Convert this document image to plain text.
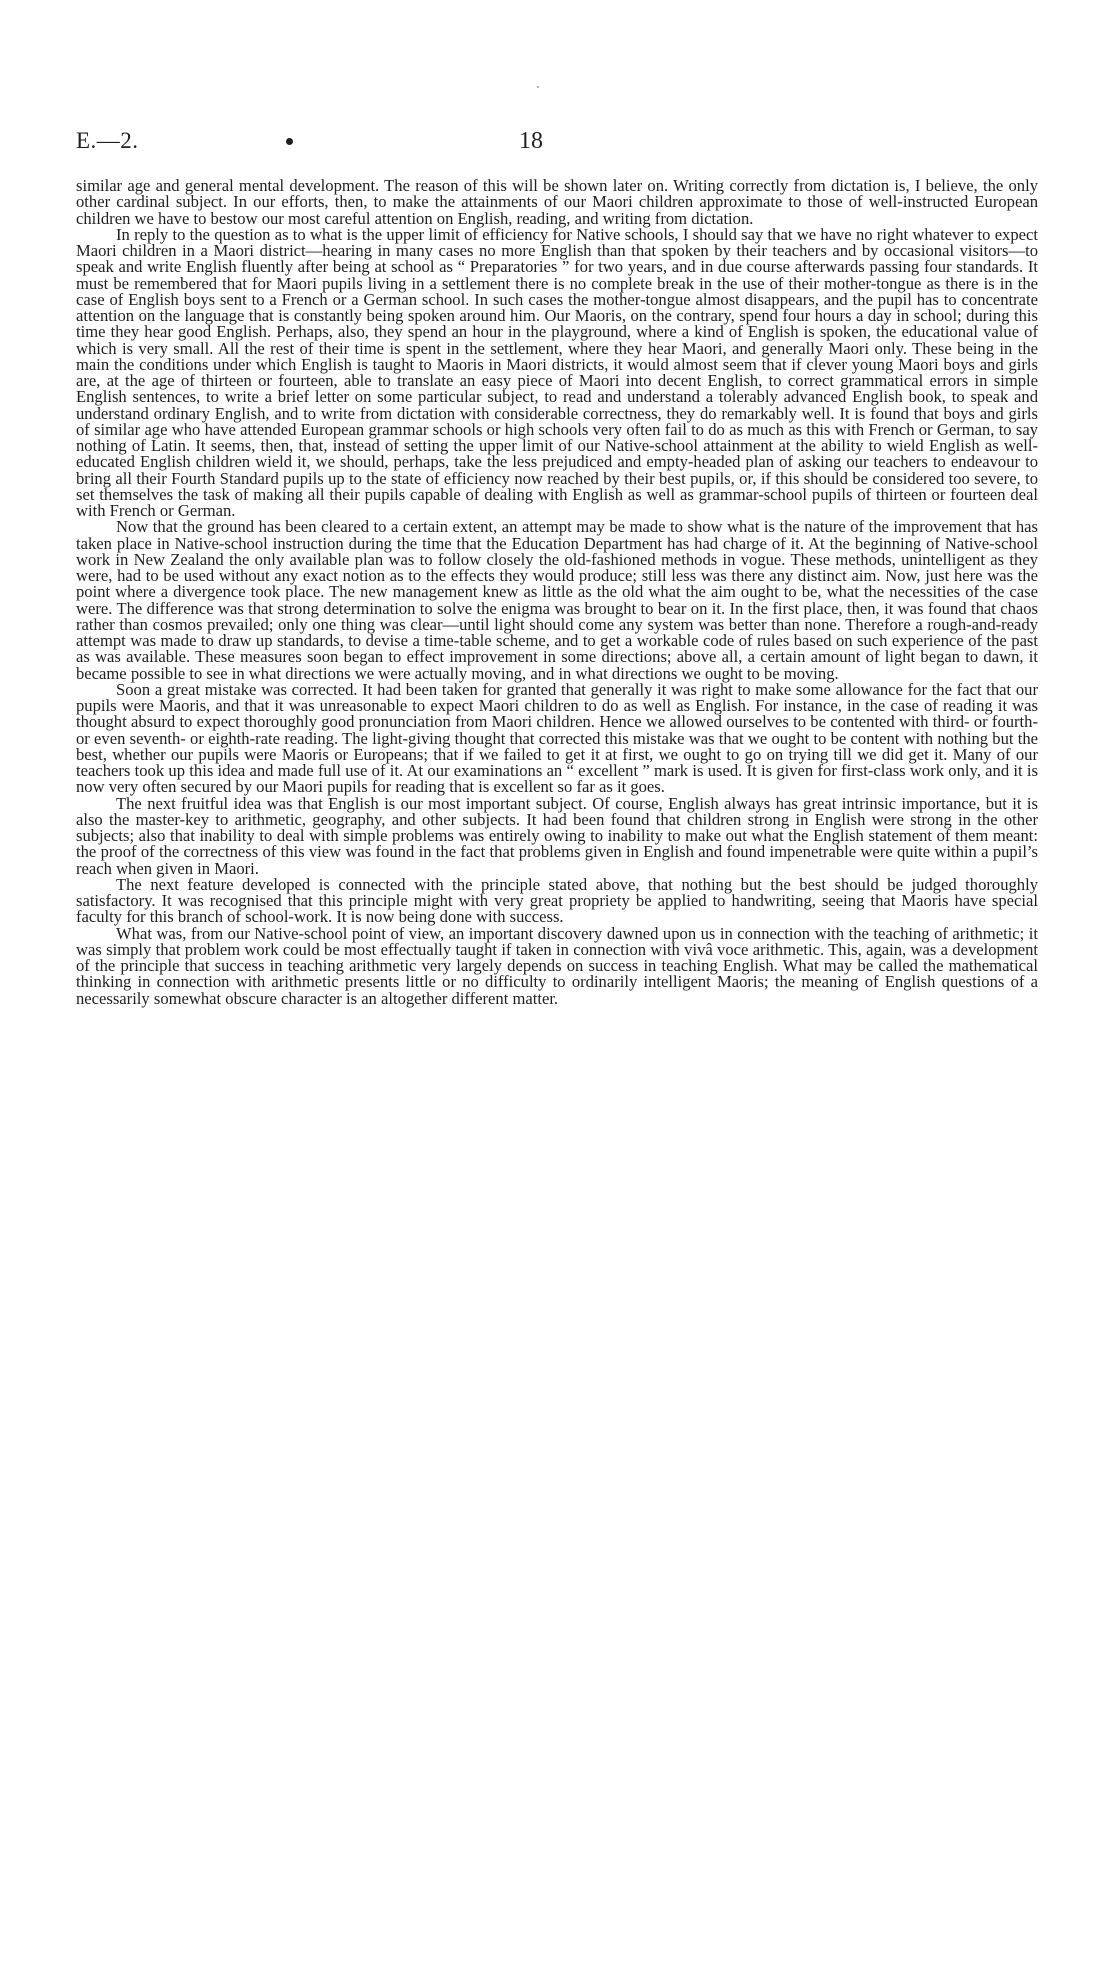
E.—2.	18

similar age and general mental development. The reason of this will be shown later on. Writing correctly from dictation is, I believe, the only other cardinal subject. In our efforts, then, to make the attainments of our Maori children approximate to those of well-instructed European children we have to bestow our most careful attention on English, reading, and writing from dictation.

In reply to the question as to what is the upper limit of efficiency for Native schools, I should say that we have no right whatever to expect Maori children in a Maori district—hearing in many cases no more English than that spoken by their teachers and by occasional visitors—to speak and write English fluently after being at school as “ Preparatories ” for two years, and in due course afterwards passing four standards. It must be remembered that for Maori pupils living in a settlement there is no complete break in the use of their mother-tongue as there is in the case of English boys sent to a French or a German school. In such cases the mother-tongue almost disappears, and the pupil has to concentrate attention on the language that is constantly being spoken around him. Our Maoris, on the contrary, spend four hours a day in school; during this time they hear good English. Perhaps, also, they spend an hour in the playground, where a kind of English is spoken, the educational value of which is very small. All the rest of their time is spent in the settlement, where they hear Maori, and generally Maori only. These being in the main the conditions under which English is taught to Maoris in Maori districts, it would almost seem that if clever young Maori boys and girls are, at the age of thirteen or fourteen, able to translate an easy piece of Maori into decent English, to correct grammatical errors in simple English sentences, to write a brief letter on some particular subject, to read and understand a tolerably advanced English book, to speak and understand ordinary English, and to write from dictation with considerable correctness, they do remarkably well. It is found that boys and girls of similar age who have attended European grammar schools or high schools very often fail to do as much as this with French or German, to say nothing of Latin. It seems, then, that, instead of setting the upper limit of our Native-school attainment at the ability to wield English as well-educated English children wield it, we should, perhaps, take the less prejudiced and empty-headed plan of asking our teachers to endeavour to bring all their Fourth Standard pupils up to the state of efficiency now reached by their best pupils, or, if this should be considered too severe, to set themselves the task of making all their pupils capable of dealing with English as well as grammar-school pupils of thirteen or fourteen deal with French or German.

Now that the ground has been cleared to a certain extent, an attempt may be made to show what is the nature of the improvement that has taken place in Native-school instruction during the time that the Education Department has had charge of it. At the beginning of Native-school work in New Zealand the only available plan was to follow closely the old-fashioned methods in vogue. These methods, unintelligent as they were, had to be used without any exact notion as to the effects they would produce; still less was there any distinct aim. Now, just here was the point where a divergence took place. The new management knew as little as the old what the aim ought to be, what the necessities of the case were. The difference was that strong determination to solve the enigma was brought to bear on it. In the first place, then, it was found that chaos rather than cosmos prevailed; only one thing was clear—until light should come any system was better than none. Therefore a rough-and-ready attempt was made to draw up standards, to devise a time-table scheme, and to get a workable code of rules based on such experience of the past as was available. These measures soon began to effect improvement in some directions; above all, a certain amount of light began to dawn, it became possible to see in what directions we were actually moving, and in what directions we ought to be moving.

Soon a great mistake was corrected. It had been taken for granted that generally it was right to make some allowance for the fact that our pupils were Maoris, and that it was unreasonable to expect Maori children to do as well as English. For instance, in the case of reading it was thought absurd to expect thoroughly good pronunciation from Maori children. Hence we allowed ourselves to be contented with third- or fourth- or even seventh- or eighth-rate reading. The light-giving thought that corrected this mistake was that we ought to be content with nothing but the best, whether our pupils were Maoris or Europeans; that if we failed to get it at first, we ought to go on trying till we did get it. Many of our teachers took up this idea and made full use of it. At our examinations an “ excellent ” mark is used. It is given for first-class work only, and it is now very often secured by our Maori pupils for reading that is excellent so far as it goes.

The next fruitful idea was that English is our most important subject. Of course, English always has great intrinsic importance, but it is also the master-key to arithmetic, geography, and other subjects. It had been found that children strong in English were strong in the other subjects; also that inability to deal with simple problems was entirely owing to inability to make out what the English statement of them meant: the proof of the correctness of this view was found in the fact that problems given in English and found impenetrable were quite within a pupil’s reach when given in Maori.

The next feature developed is connected with the principle stated above, that nothing but the best should be judged thoroughly satisfactory. It was recognised that this principle might with very great propriety be applied to handwriting, seeing that Maoris have special faculty for this branch of school-work. It is now being done with success.

What was, from our Native-school point of view, an important discovery dawned upon us in connection with the teaching of arithmetic; it was simply that problem work could be most effectually taught if taken in connection with vivâ voce arithmetic. This, again, was a development of the principle that success in teaching arithmetic very largely depends on success in teaching English. What may be called the mathematical thinking in connection with arithmetic presents little or no difficulty to ordinarily intelligent Maoris; the meaning of English questions of a necessarily somewhat obscure character is an altogether different matter.
